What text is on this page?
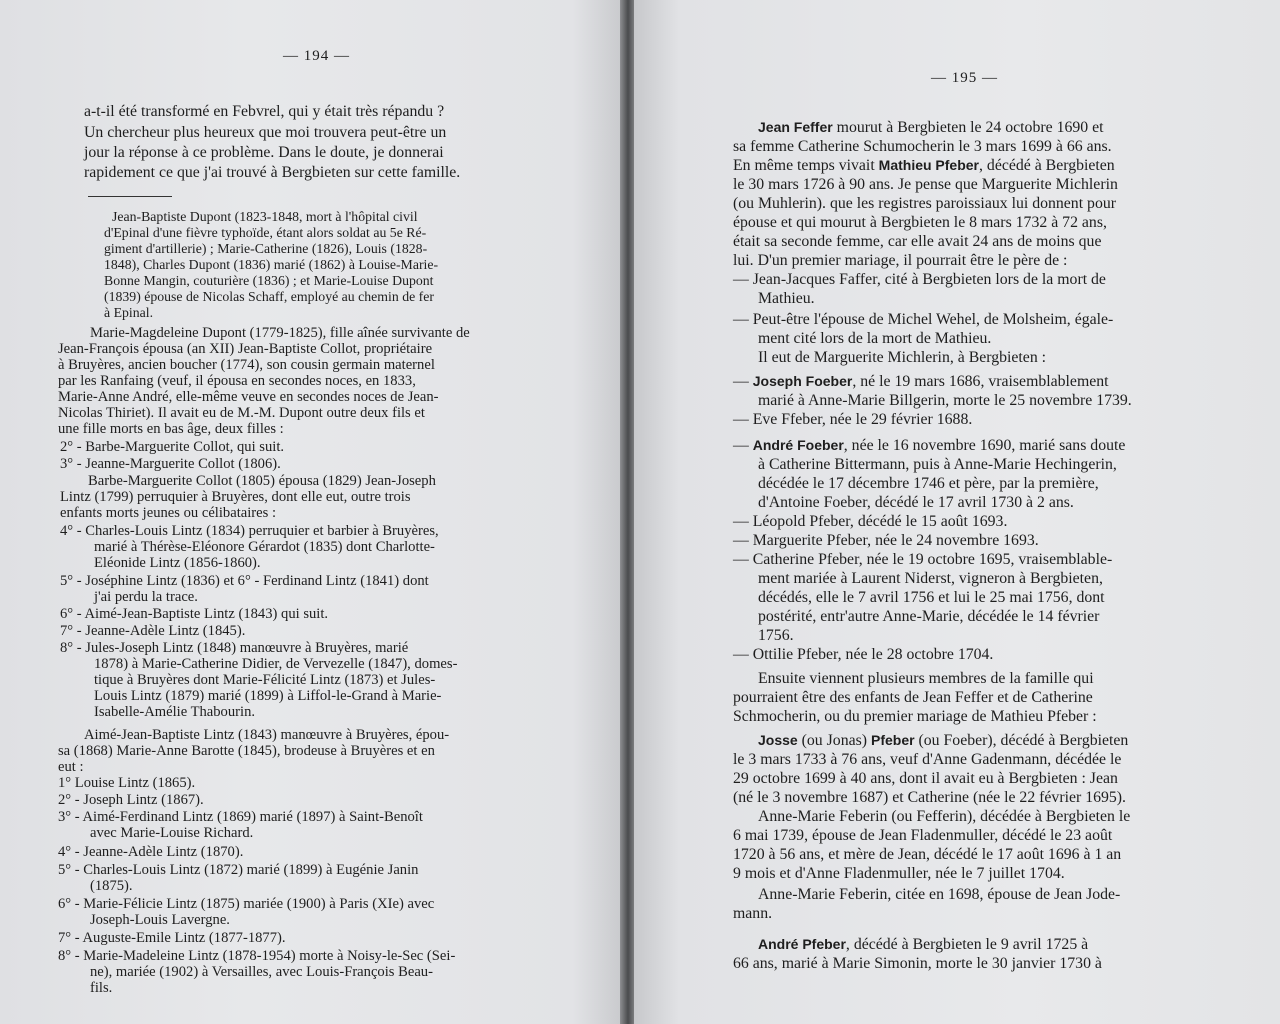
— 194 —
a-t-il été transformé en Febvrel, qui y était très répandu ?
Un chercheur plus heureux que moi trouvera peut-être un
jour la réponse à ce problème. Dans le doute, je donnerai
rapidement ce que j'ai trouvé à Bergbieten sur cette famille.
Jean-Baptiste Dupont (1823-1848, mort à l'hôpital civil
d'Epinal d'une fièvre typhoïde, étant alors soldat au 5e Ré-
giment d'artillerie) ; Marie-Catherine (1826), Louis (1828-
1848), Charles Dupont (1836) marié (1862) à Louise-Marie-
Bonne Mangin, couturière (1836) ; et Marie-Louise Dupont
(1839) épouse de Nicolas Schaff, employé au chemin de fer
à Epinal.
Marie-Magdeleine Dupont (1779-1825), fille aînée survivante de
Jean-François épousa (an XII) Jean-Baptiste Collot, propriétaire
à Bruyères, ancien boucher (1774), son cousin germain maternel
par les Ranfaing (veuf, il épousa en secondes noces, en 1833,
Marie-Anne André, elle-même veuve en secondes noces de Jean-
Nicolas Thiriet). Il avait eu de M.-M. Dupont outre deux fils et
une fille morts en bas âge, deux filles :
2° - Barbe-Marguerite Collot, qui suit.
3° - Jeanne-Marguerite Collot (1806).
Barbe-Marguerite Collot (1805) épousa (1829) Jean-Joseph
Lintz (1799) perruquier à Bruyères, dont elle eut, outre trois
enfants morts jeunes ou célibataires :
4° - Charles-Louis Lintz (1834) perruquier et barbier à Bruyères,
marié à Thérèse-Eléonore Gérardot (1835) dont Charlotte-
Eléonide Lintz (1856-1860).
5° - Joséphine Lintz (1836) et 6° - Ferdinand Lintz (1841) dont
j'ai perdu la trace.
6° - Aimé-Jean-Baptiste Lintz (1843) qui suit.
7° - Jeanne-Adèle Lintz (1845).
8° - Jules-Joseph Lintz (1848) manœuvre à Bruyères, marié
1878) à Marie-Catherine Didier, de Vervezelle (1847), domes-
tique à Bruyères dont Marie-Félicité Lintz (1873) et Jules-
Louis Lintz (1879) marié (1899) à Liffol-le-Grand à Marie-
Isabelle-Amélie Thabourin.
Aimé-Jean-Baptiste Lintz (1843) manœuvre à Bruyères, épou-
sa (1868) Marie-Anne Barotte (1845), brodeuse à Bruyères et en
eut :
1° Louise Lintz (1865).
2° - Joseph Lintz (1867).
3° - Aimé-Ferdinand Lintz (1869) marié (1897) à Saint-Benoît
avec Marie-Louise Richard.
4° - Jeanne-Adèle Lintz (1870).
5° - Charles-Louis Lintz (1872) marié (1899) à Eugénie Janin
(1875).
6° - Marie-Félicie Lintz (1875) mariée (1900) à Paris (XIe) avec
Joseph-Louis Lavergne.
7° - Auguste-Emile Lintz (1877-1877).
8° - Marie-Madeleine Lintz (1878-1954) morte à Noisy-le-Sec (Sei-
ne), mariée (1902) à Versailles, avec Louis-François Beau-
fils.
— 195 —
Jean Feffer mourut à Bergbieten le 24 octobre 1690 et
sa femme Catherine Schumocherin le 3 mars 1699 à 66 ans.
En même temps vivait Mathieu Pfeber, décédé à Bergbieten
le 30 mars 1726 à 90 ans. Je pense que Marguerite Michlerin
(ou Muhlerin). que les registres paroissiaux lui donnent pour
épouse et qui mourut à Bergbieten le 8 mars 1732 à 72 ans,
était sa seconde femme, car elle avait 24 ans de moins que
lui. D'un premier mariage, il pourrait être le père de :
— Jean-Jacques Faffer, cité à Bergbieten lors de la mort de
Mathieu.
— Peut-être l'épouse de Michel Wehel, de Molsheim, égale-
ment cité lors de la mort de Mathieu.
Il eut de Marguerite Michlerin, à Bergbieten :
— Joseph Foeber, né le 19 mars 1686, vraisemblablement
marié à Anne-Marie Billgerin, morte le 25 novembre 1739.
— Eve Ffeber, née le 29 février 1688.
— André Foeber, née le 16 novembre 1690, marié sans doute
à Catherine Bittermann, puis à Anne-Marie Hechingerin,
décédée le 17 décembre 1746 et père, par la première,
d'Antoine Foeber, décédé le 17 avril 1730 à 2 ans.
— Léopold Pfeber, décédé le 15 août 1693.
— Marguerite Pfeber, née le 24 novembre 1693.
— Catherine Pfeber, née le 19 octobre 1695, vraisemblable-
ment mariée à Laurent Niderst, vigneron à Bergbieten,
décédés, elle le 7 avril 1756 et lui le 25 mai 1756, dont
postérité, entr'autre Anne-Marie, décédée le 14 février
1756.
— Ottilie Pfeber, née le 28 octobre 1704.
Ensuite viennent plusieurs membres de la famille qui
pourraient être des enfants de Jean Feffer et de Catherine
Schmocherin, ou du premier mariage de Mathieu Pfeber :
Josse (ou Jonas) Pfeber (ou Foeber), décédé à Bergbieten
le 3 mars 1733 à 76 ans, veuf d'Anne Gadenmann, décédée le
29 octobre 1699 à 40 ans, dont il avait eu à Bergbieten : Jean
(né le 3 novembre 1687) et Catherine (née le 22 février 1695).
Anne-Marie Feberin (ou Fefferin), décédée à Bergbieten le
6 mai 1739, épouse de Jean Fladenmuller, décédé le 23 août
1720 à 56 ans, et mère de Jean, décédé le 17 août 1696 à 1 an
9 mois et d'Anne Fladenmuller, née le 7 juillet 1704.
Anne-Marie Feberin, citée en 1698, épouse de Jean Jode-
mann.
André Pfeber, décédé à Bergbieten le 9 avril 1725 à
66 ans, marié à Marie Simonin, morte le 30 janvier 1730 à
